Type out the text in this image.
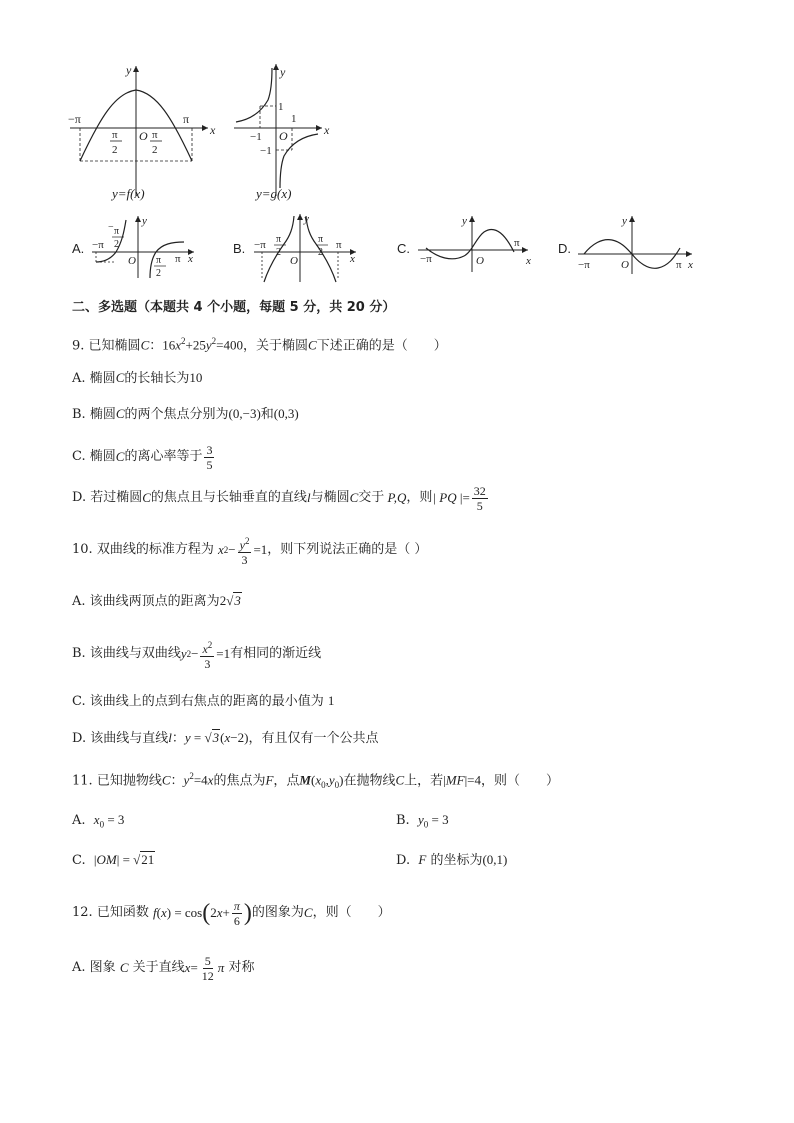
−π	π
x
y
O
π
2
π
2
y=f(x)
y
x
1
−1 O
1
−1
y=g(x)
A. −π
π
2
−
y
O π
2
π x
B. −π π
2
y
O
π
2
π
x
C.
−π
y
O
π
x
D.
−π
y
O	π x
二、多选题（本题共 4 个小题，每题 5 分，共 20 分）
9. 已知椭圆C：$16x^2+25y^2=400$，关于椭圆C下述正确的是（　　）
A. 椭圆C的长轴长为10
B. 椭圆C的两个焦点分别为(0,−3)和(0,3)
C.
椭圆 C 的离心率等于 $\frac{3}{5}$
D.
若过椭圆 C 的焦点且与长轴垂直的直线 l 与椭圆 C 交于 P,Q ，则 | PQ |= $\frac{32}{5}$
10.
双曲线的标准方程为
x $2 - \frac{y^2}{3} =1$ ，则下列说法正确的是（ ）
A. 该曲线两顶点的距离为2√3
B.
该曲线与双曲线 y $2 - \frac{x^2}{3} =1$ 有相同的渐近线
C. 该曲线上的点到右焦点的距离的最小值为 1
D. 该曲线与直线l：y = √3(x−2)，有且仅有一个公共点
11. 已知抛物线C：$y^2=4x$的焦点为F，点$M(x_0,y_0)$在抛物线C上，若|MF|=4，则（　　）
A. $x_0 = 3$	B. $y_0 = 3$
C. |OM| = √21	D. F 的坐标为(0,1)
12.
已知函数
f ( x ) = cos ( 2 $x + \frac{\pi}{6}$ ) 的图象为 C ，则（　　）
A.
图象
C
关于直线 $x = \frac{5}{12}$ π
对称
